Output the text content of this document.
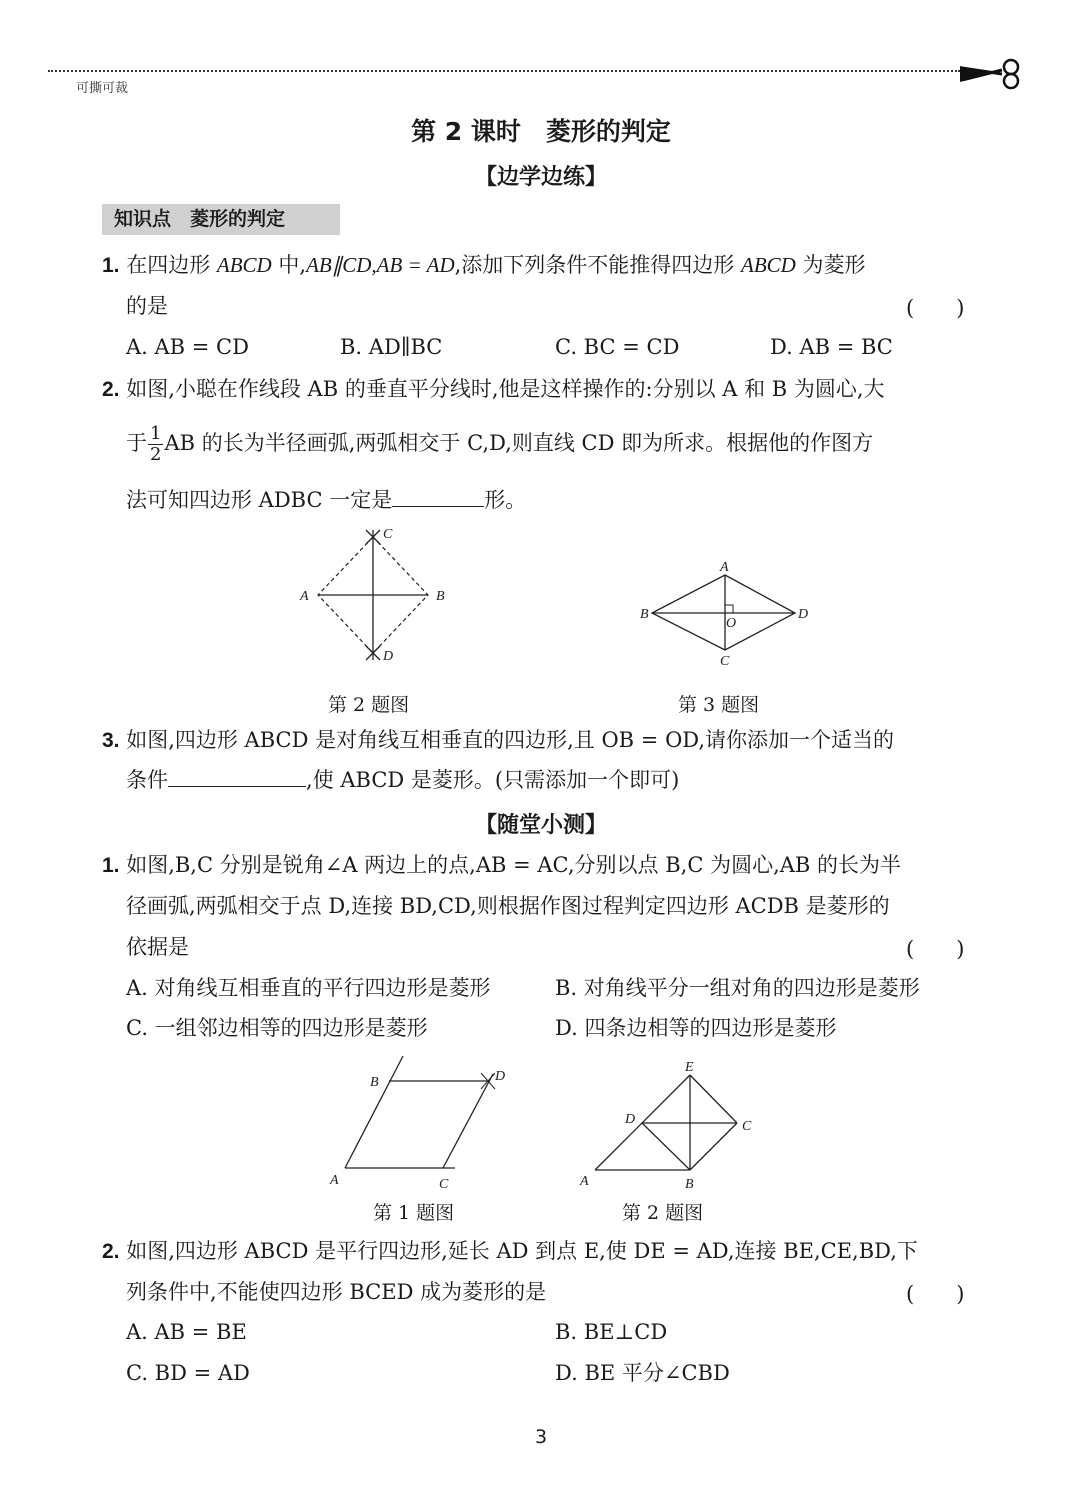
可撕可裁
第 2 课时　菱形的判定
【边学边练】
知识点　菱形的判定
1. 在四边形 ABCD 中,AB∥CD,AB = AD,添加下列条件不能推得四边形 ABCD 为菱形
的是	(　　)
A. AB = CD	B. AD∥BC	C. BC = CD	D. AB = BC
2. 如图,小聪在作线段 AB 的垂直平分线时,他是这样操作的:分别以 A 和 B 为圆心,大
于 $\frac{1}{2}$ AB 的长为半径画弧,两弧相交于 C,D,则直线 CD 即为所求。根据他的作图方
法可知四边形 ADBC 一定是	形。
C
A	B
D
第 2 题图
A
B	D
O
C
第 3 题图
3. 如图,四边形 ABCD 是对角线互相垂直的四边形,且 OB = OD,请你添加一个适当的
条件	,使 ABCD 是菱形。(只需添加一个即可)
【随堂小测】
1. 如图,B,C 分别是锐角∠A 两边上的点,AB = AC,分别以点 B,C 为圆心,AB 的长为半
径画弧,两弧相交于点 D,连接 BD,CD,则根据作图过程判定四边形 ACDB 是菱形的
依据是	(　　)
A. 对角线互相垂直的平行四边形是菱形	B. 对角线平分一组对角的四边形是菱形
C. 一组邻边相等的四边形是菱形	D. 四条边相等的四边形是菱形
B	D
A	C
第 1 题图
E
D	C
A	B
第 2 题图
2. 如图,四边形 ABCD 是平行四边形,延长 AD 到点 E,使 DE = AD,连接 BE,CE,BD,下
列条件中,不能使四边形 BCED 成为菱形的是	(　　)
A. AB = BE	B. BE⊥CD
C. BD = AD	D. BE 平分∠CBD
3
